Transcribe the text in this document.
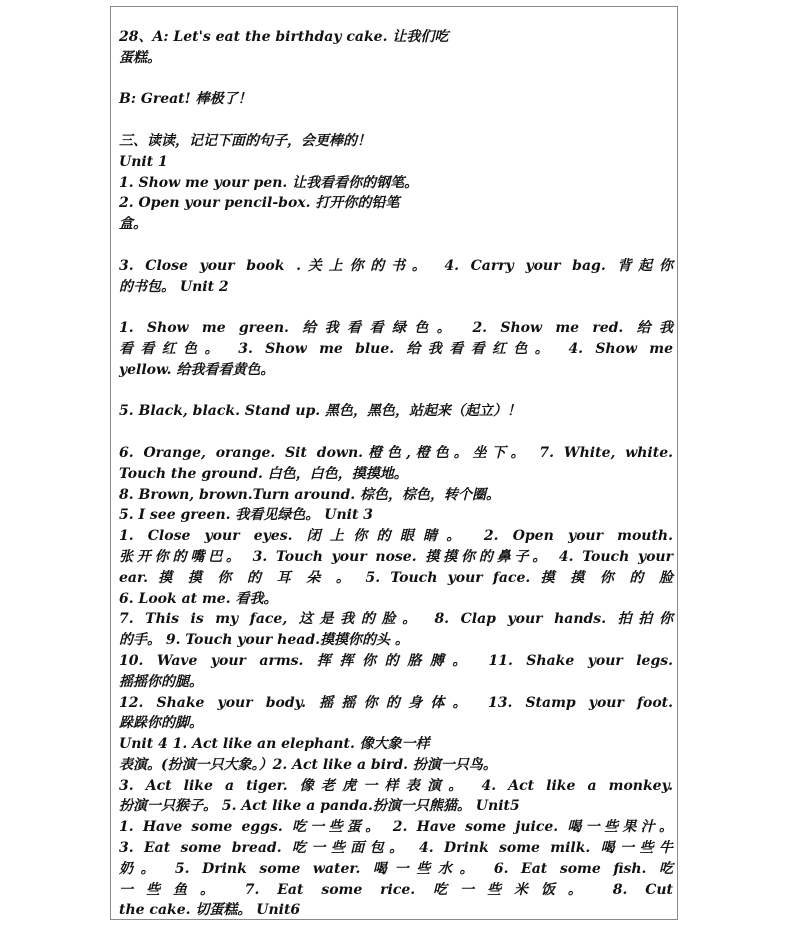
28、A: Let's eat the birthday cake. 让我们吃
蛋糕。
B: Great! 棒极了！
三、读读，记记下面的句子，会更棒的！
Unit 1
1. Show me your pen. 让我看看你的钢笔。
2. Open your pencil-box. 打开你的铅笔
盒。
3. Close your book .关上你的书。 4. Carry your bag. 背起你
的书包。 Unit 2
1. Show me green. 给我看看绿色。 2. Show me red. 给我
看看红色。 3. Show me blue. 给我看看红色。 4. Show me
yellow. 给我看看黄色。
5. Black, black. Stand up. 黑色，黑色，站起来（起立）！
6. Orange, orange. Sit down.橙色,橙色。坐下。 7. White, white.
Touch the ground. 白色，白色，摸摸地。
8. Brown, brown.Turn around. 棕色，棕色，转个圈。
5. I see green. 我看见绿色。 Unit 3
1. Close your eyes. 闭上你的眼睛。 2. Open your mouth.
张开你的嘴巴。 3. Touch your nose. 摸摸你的鼻子。 4. Touch your
ear. 摸 摸 你 的 耳 朵 。 5. Touch your face. 摸 摸 你 的 脸
6. Look at me. 看我。
7. This is my face, 这是我的脸。 8. Clap your hands. 拍拍你
的手。 9. Touch your head.摸摸你的头 。
10. Wave your arms. 挥挥你的胳膊。 11. Shake your legs.
摇摇你的腿。
12. Shake your body. 摇摇你的身体。 13. Stamp your foot.
跺跺你的脚。
Unit 4 1. Act like an elephant. 像大象一样
表演。(扮演一只大象。）2. Act like a bird. 扮演一只鸟。
3. Act like a tiger. 像老虎一样表演。 4. Act like a monkey.
扮演一只猴子。 5. Act like a panda.扮演一只熊猫。 Unit5
1. Have some eggs. 吃一些蛋。 2. Have some juice. 喝一些果汁。
3. Eat some bread. 吃一些面包。 4. Drink some milk. 喝一些牛
奶。 5. Drink some water. 喝一些水。 6. Eat some fish. 吃
一些鱼。 7. Eat some rice. 吃一些米饭。 8. Cut
the cake. 切蛋糕。 Unit6
